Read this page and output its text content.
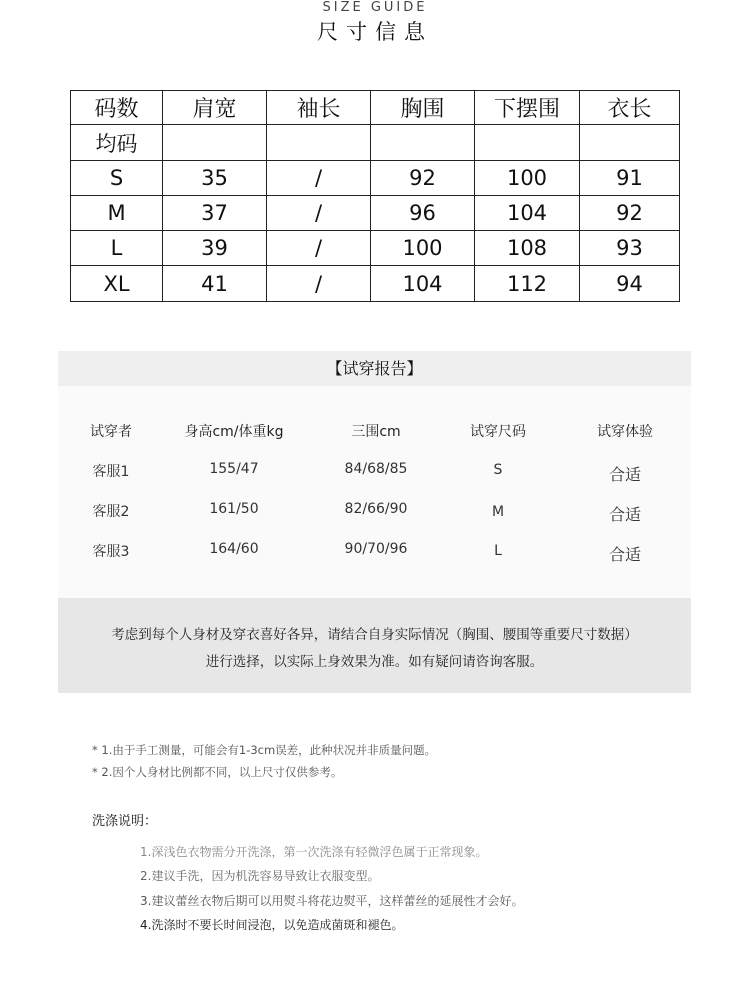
SIZE GUIDE
尺寸信息
码数	肩宽	袖长	胸围	下摆围	衣长
均码					
S	35	/	92	100	91
M	37	/	96	104	92
L	39	/	100	108	93
XL	41	/	104	112	94
【试穿报告】
试穿者	身高cm/体重kg	三围cm	试穿尺码	试穿体验
客服1	155/47	84/68/85	S	合适
客服2	161/50	82/66/90	M	合适
客服3	164/60	90/70/96	L	合适
考虑到每个人身材及穿衣喜好各异，请结合自身实际情况（胸围、腰围等重要尺寸数据）
进行选择，以实际上身效果为准。如有疑问请咨询客服。
* 1.由于手工测量，可能会有1-3cm误差，此种状况并非质量问题。
* 2.因个人身材比例都不同，以上尺寸仅供参考。
洗涤说明：
1.深浅色衣物需分开洗涤，第一次洗涤有轻微浮色属于正常现象。
2.建议手洗，因为机洗容易导致让衣服变型。
3.建议蕾丝衣物后期可以用熨斗将花边熨平，这样蕾丝的延展性才会好。
4.洗涤时不要长时间浸泡，以免造成菌斑和褪色。
